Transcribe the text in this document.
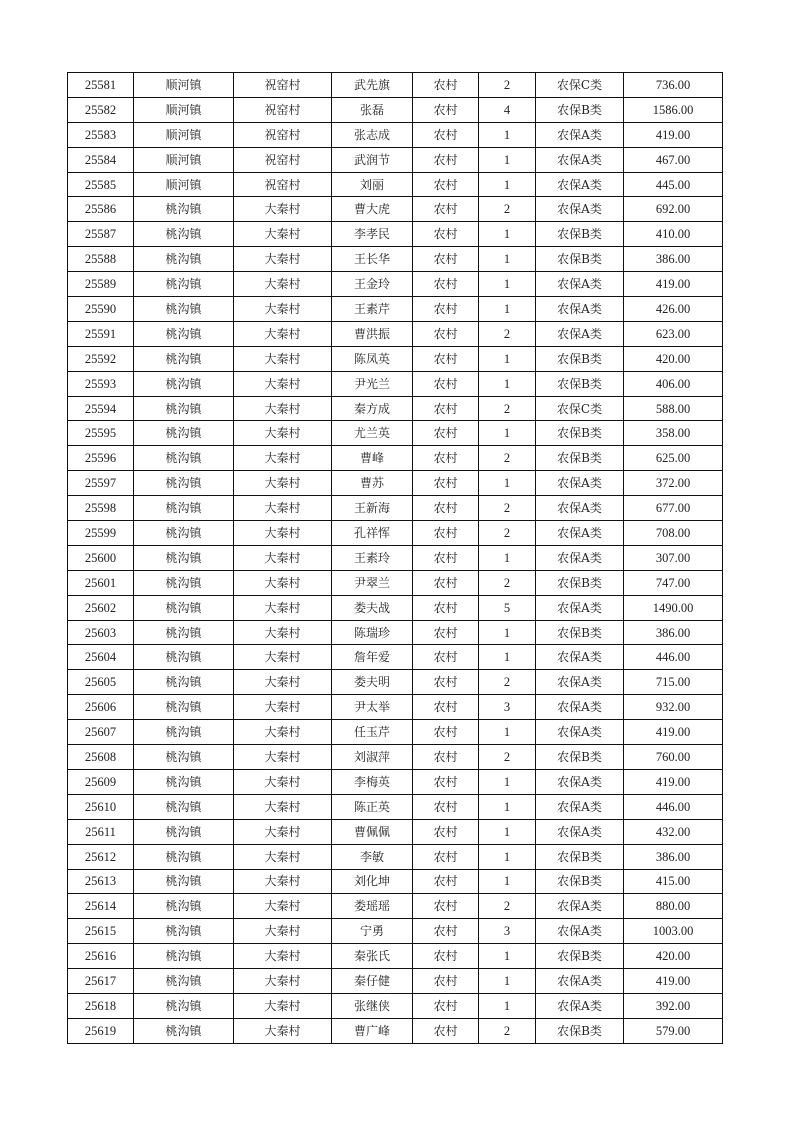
25581	顺河镇	祝窑村	武先旗	农村	2	农保C类	736.00
25582	顺河镇	祝窑村	张磊	农村	4	农保B类	1586.00
25583	顺河镇	祝窑村	张志成	农村	1	农保A类	419.00
25584	顺河镇	祝窑村	武润节	农村	1	农保A类	467.00
25585	顺河镇	祝窑村	刘丽	农村	1	农保A类	445.00
25586	桃沟镇	大秦村	曹大虎	农村	2	农保A类	692.00
25587	桃沟镇	大秦村	李孝民	农村	1	农保B类	410.00
25588	桃沟镇	大秦村	王长华	农村	1	农保B类	386.00
25589	桃沟镇	大秦村	王金玲	农村	1	农保A类	419.00
25590	桃沟镇	大秦村	王素芹	农村	1	农保A类	426.00
25591	桃沟镇	大秦村	曹洪振	农村	2	农保A类	623.00
25592	桃沟镇	大秦村	陈凤英	农村	1	农保B类	420.00
25593	桃沟镇	大秦村	尹光兰	农村	1	农保B类	406.00
25594	桃沟镇	大秦村	秦方成	农村	2	农保C类	588.00
25595	桃沟镇	大秦村	尤兰英	农村	1	农保B类	358.00
25596	桃沟镇	大秦村	曹峰	农村	2	农保B类	625.00
25597	桃沟镇	大秦村	曹苏	农村	1	农保A类	372.00
25598	桃沟镇	大秦村	王新海	农村	2	农保A类	677.00
25599	桃沟镇	大秦村	孔祥恽	农村	2	农保A类	708.00
25600	桃沟镇	大秦村	王素玲	农村	1	农保A类	307.00
25601	桃沟镇	大秦村	尹翠兰	农村	2	农保B类	747.00
25602	桃沟镇	大秦村	娄夫战	农村	5	农保A类	1490.00
25603	桃沟镇	大秦村	陈瑞珍	农村	1	农保B类	386.00
25604	桃沟镇	大秦村	詹年爱	农村	1	农保A类	446.00
25605	桃沟镇	大秦村	娄夫明	农村	2	农保A类	715.00
25606	桃沟镇	大秦村	尹太举	农村	3	农保A类	932.00
25607	桃沟镇	大秦村	任玉芹	农村	1	农保A类	419.00
25608	桃沟镇	大秦村	刘淑萍	农村	2	农保B类	760.00
25609	桃沟镇	大秦村	李梅英	农村	1	农保A类	419.00
25610	桃沟镇	大秦村	陈正英	农村	1	农保A类	446.00
25611	桃沟镇	大秦村	曹佩佩	农村	1	农保A类	432.00
25612	桃沟镇	大秦村	李敏	农村	1	农保B类	386.00
25613	桃沟镇	大秦村	刘化坤	农村	1	农保B类	415.00
25614	桃沟镇	大秦村	娄瑶瑶	农村	2	农保A类	880.00
25615	桃沟镇	大秦村	宁勇	农村	3	农保A类	1003.00
25616	桃沟镇	大秦村	秦张氏	农村	1	农保B类	420.00
25617	桃沟镇	大秦村	秦仔健	农村	1	农保A类	419.00
25618	桃沟镇	大秦村	张继侠	农村	1	农保A类	392.00
25619	桃沟镇	大秦村	曹广峰	农村	2	农保B类	579.00
